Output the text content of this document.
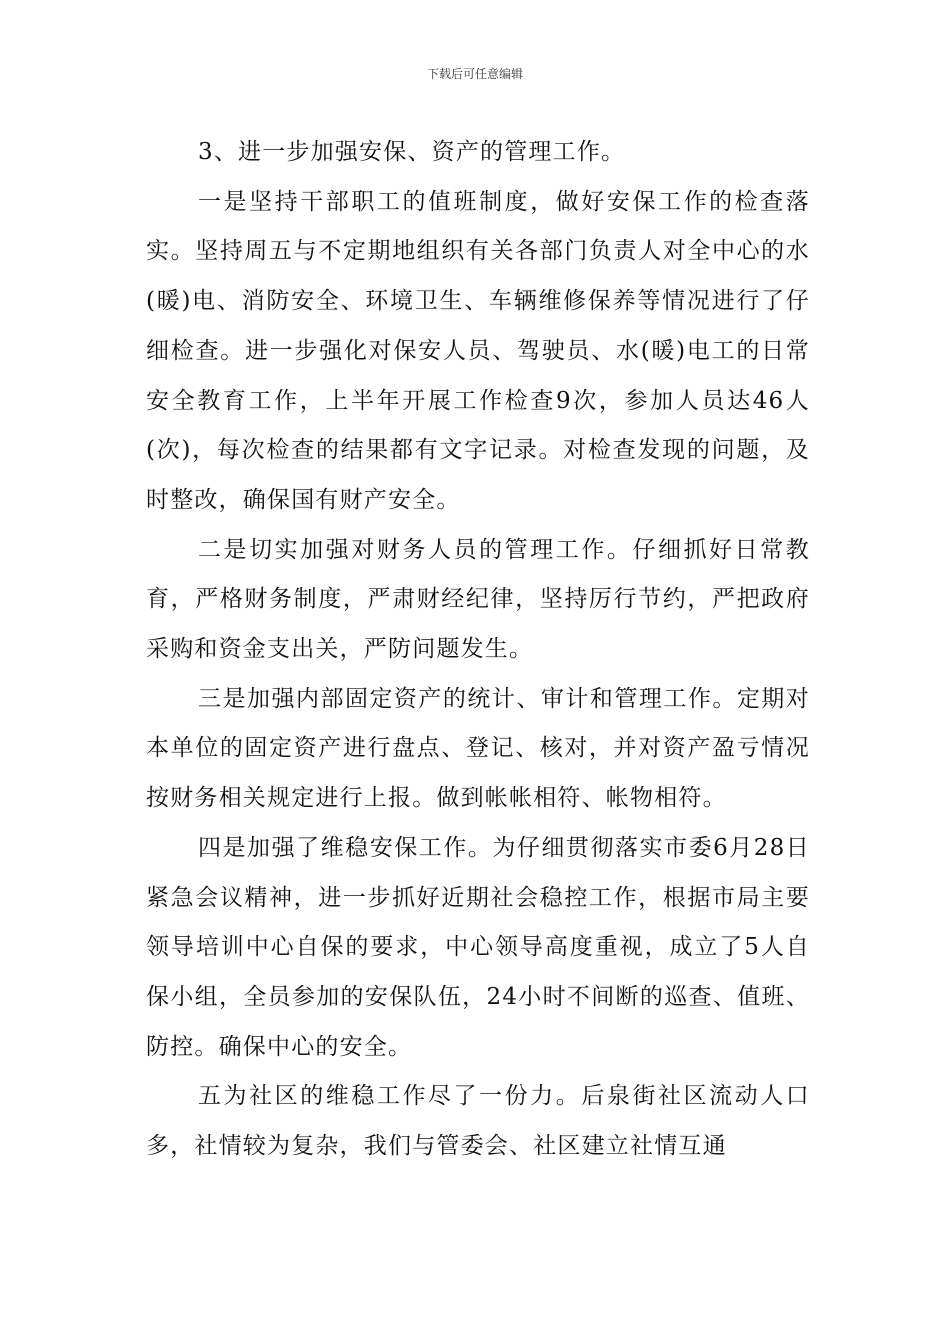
下载后可任意编辑

3、进一步加强安保、资产的管理工作。

一是坚持干部职工的值班制度，做好安保工作的检查落实。坚持周五与不定期地组织有关各部门负责人对全中心的水(暖)电、消防安全、环境卫生、车辆维修保养等情况进行了仔细检查。进一步强化对保安人员、驾驶员、水(暖)电工的日常安全教育工作，上半年开展工作检查9次，参加人员达46人(次)，每次检查的结果都有文字记录。对检查发现的问题，及时整改，确保国有财产安全。

二是切实加强对财务人员的管理工作。仔细抓好日常教育，严格财务制度，严肃财经纪律，坚持厉行节约，严把政府采购和资金支出关，严防问题发生。

三是加强内部固定资产的统计、审计和管理工作。定期对本单位的固定资产进行盘点、登记、核对，并对资产盈亏情况按财务相关规定进行上报。做到帐帐相符、帐物相符。

四是加强了维稳安保工作。为仔细贯彻落实市委6月28日紧急会议精神，进一步抓好近期社会稳控工作，根据市局主要领导培训中心自保的要求，中心领导高度重视，成立了5人自保小组，全员参加的安保队伍，24小时不间断的巡查、值班、防控。确保中心的安全。

五为社区的维稳工作尽了一份力。后泉街社区流动人口多，社情较为复杂，我们与管委会、社区建立社情互通
